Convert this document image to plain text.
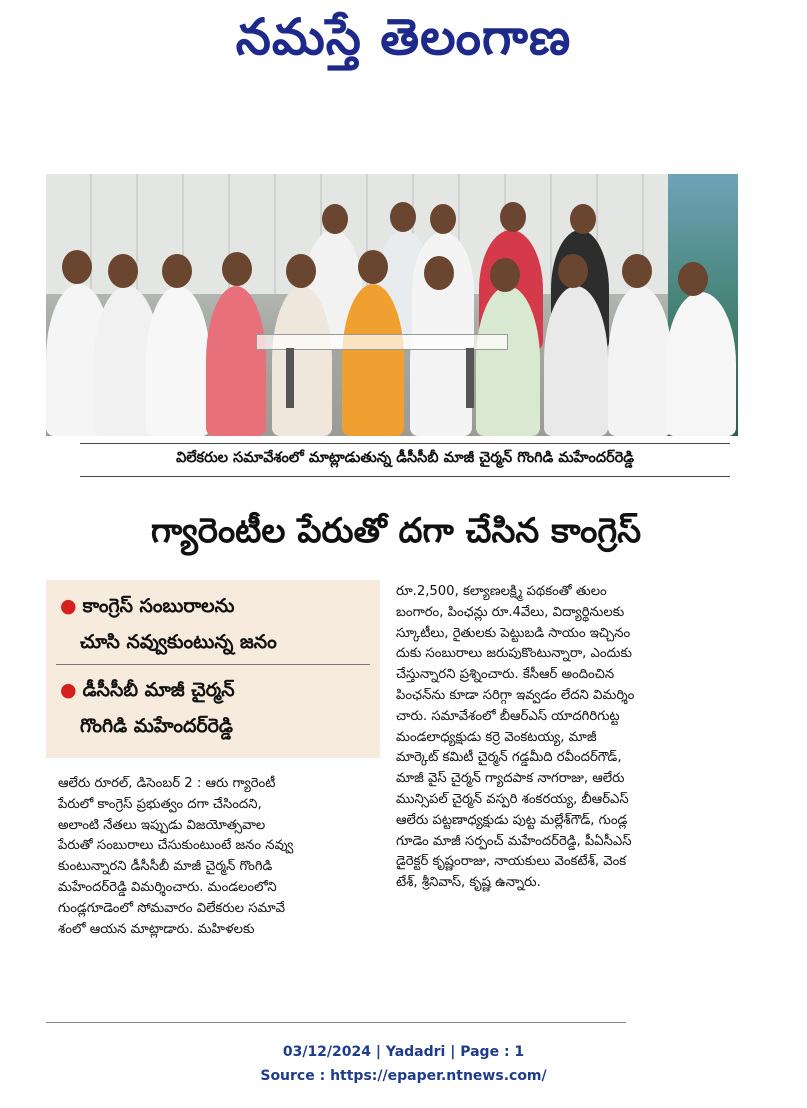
నమస్తే తెలంగాణ
విలేకరుల సమావేశంలో మాట్లాడుతున్న డీసీసీబీ మాజీ చైర్మన్ గొంగిడి మహేందర్‌రెడ్డి
గ్యారెంటీల పేరుతో దగా చేసిన కాంగ్రెస్
● కాంగ్రెస్ సంబురాలను
చూసి నవ్వుకుంటున్న జనం
● డీసీసీబీ మాజీ చైర్మన్
గొంగిడి మహేందర్‌రెడ్డి
ఆలేరు రూరల్, డిసెంబర్ 2 : ఆరు గ్యారెంటీ
పేరులో కాంగ్రెస్ ప్రభుత్వం దగా చేసిందని,
అలాంటి నేతలు ఇప్పుడు విజయోత్సవాల
పేరుతో సంబురాలు చేసుకుంటుంటే జనం నవ్వు
కుంటున్నారని డీసీసీబీ మాజీ చైర్మన్ గొంగిడి
మహేందర్‌రెడ్డి విమర్శించారు. మండలంలోని
గుండ్లగూడెంలో సోమవారం విలేకరుల సమావే
శంలో ఆయన మాట్లాడారు. మహిళలకు
రూ.2,500, కల్యాణలక్ష్మి పథకంతో తులం
బంగారం, పింఛన్లు రూ.4వేలు, విద్యార్థినులకు
స్కూటీలు, రైతులకు పెట్టుబడి సాయం ఇచ్చినం
దుకు సంబురాలు జరుపుకొంటున్నారా, ఎందుకు
చేస్తున్నారని ప్రశ్నించారు. కేసీఆర్ అందించిన
పింఛన్‌ను కూడా సరిగ్గా ఇవ్వడం లేదని విమర్శిం
చారు. సమావేశంలో బీఆర్ఎస్ యాదగిరిగుట్ట
మండలాధ్యక్షుడు కర్రె వెంకటయ్య, మాజీ
మార్కెట్ కమిటీ చైర్మన్ గడ్డమీది రవీందర్‌గౌడ్,
మాజీ వైస్ చైర్మన్ గ్యాదపాక నాగరాజు, ఆలేరు
మున్సిపల్ చైర్మన్ వస్పరి శంకరయ్య, బీఆర్ఎస్
ఆలేరు పట్టణాధ్యక్షుడు పుట్ట మల్లేశ్‌గౌడ్, గుండ్ల
గూడెం మాజీ సర్పంచ్ మహేందర్‌రెడ్డి, పీఏసీఎస్
డైరెక్టర్ కృష్ణంరాజు, నాయకులు వెంకటేశ్, వెంక
టేశ్, శ్రీనివాస్, కృష్ణ ఉన్నారు.
03/12/2024 | Yadadri | Page : 1
Source : https://epaper.ntnews.com/
